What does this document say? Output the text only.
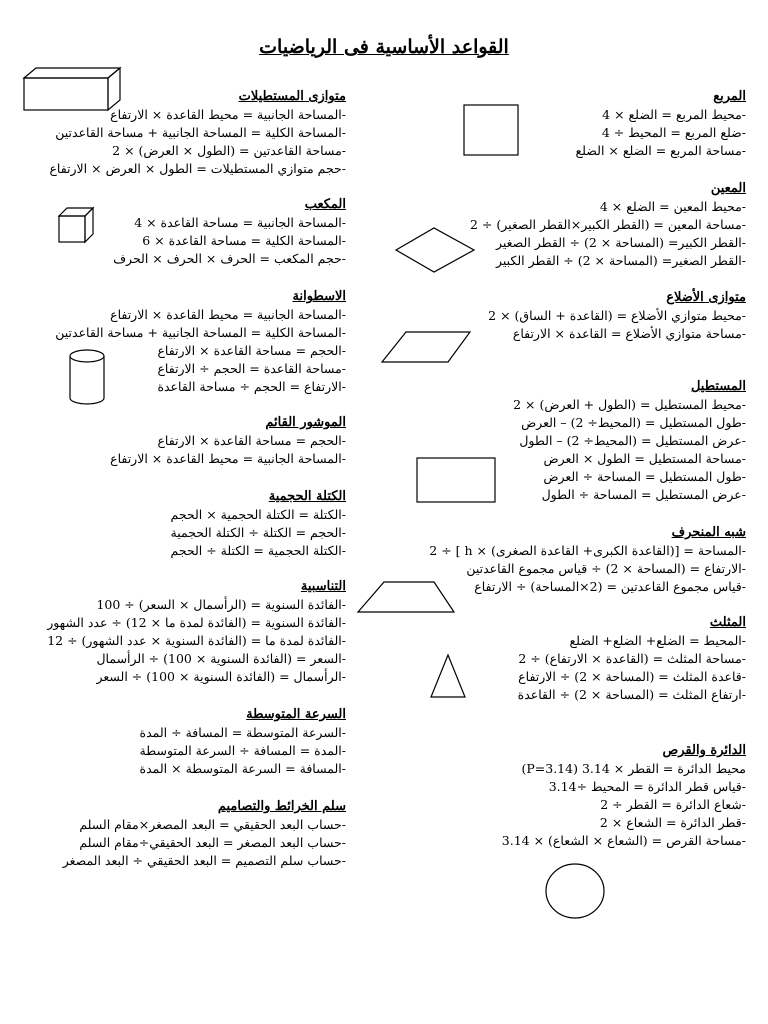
القواعد الأساسية فى الرياضيات
المربع
-محيط المربع = الضلع × 4
-ضلع المربع = المحيط ÷ 4
-مساحة المربع = الضلع × الضلع
المعين
-محيط المعين = الضلع × 4
-مساحة المعين = (القطر الكبير×القطر الصغير) ÷ 2
-القطر الكبير= (المساحة × 2) ÷ القطر الصغير
-القطر الصغير= (المساحة × 2) ÷ القطر الكبير
متوازى الأضلاع
-محيط متوازي الأضلاع = (القاعدة + الساق) × 2
-مساحة متوازي الأضلاع = القاعدة × الارتفاع
المستطيل
-محيط المستطيل = (الطول + العرض) × 2
-طول المستطيل = (المحيط÷ 2) – العرض
-عرض المستطيل = (المحيط÷ 2) – الطول
-مساحة المستطيل = الطول × العرض
-طول المستطيل = المساحة ÷ العرض
-عرض المستطيل = المساحة ÷ الطول
شبه المنحرف
-المساحة = [(القاعدة الكبرى+ القاعدة الصغرى) × h ] ÷ 2
-الارتفاع = (المساحة × 2) ÷ قياس مجموع القاعدتين
-قياس مجموع القاعدتين = (2×المساحة) ÷ الارتفاع
المثلث
-المحيط = الضلع+ الضلع+ الضلع
-مساحة المثلث = (القاعدة × الارتفاع) ÷ 2
-قاعدة المثلث = (المساحة × 2) ÷ الارتفاع
-ارتفاع المثلث = (المساحة × 2) ÷ القاعدة
الدائرة والقرص
محيط الدائرة = القطر × 3.14 (P=3.14)
-قياس قطر الدائرة = المحيط ÷3.14
-شعاع الدائرة = القطر ÷ 2
-قطر الدائرة = الشعاع × 2
-مساحة القرص = (الشعاع × الشعاع) × 3.14
متوازى المستطيلات
-المساحة الجانبية = محيط القاعدة × الارتفاع
-المساحة الكلية = المساحة الجانبية + مساحة القاعدتين
-مساحة القاعدتين = (الطول × العرض) × 2
-حجم متوازي المستطيلات = الطول × العرض × الارتفاع
المكعب
-المساحة الجانبية = مساحة القاعدة × 4
-المساحة الكلية = مساحة القاعدة × 6
-حجم المكعب = الحرف × الحرف × الحرف
الاسطوانة
-المساحة الجانبية = محيط القاعدة × الارتفاع
-المساحة الكلية = المساحة الجانبية + مساحة القاعدتين
-الحجم = مساحة القاعدة × الارتفاع
-مساحة القاعدة = الحجم ÷ الارتفاع
-الارتفاع = الحجم ÷ مساحة القاعدة
الموشور القائم
-الحجم = مساحة القاعدة × الارتفاع
-المساحة الجانبية = محيط القاعدة × الارتفاع
الكتلة الحجمية
-الكتلة = الكتلة الحجمية × الحجم
-الحجم = الكتلة ÷ الكتلة الحجمية
-الكتلة الحجمية = الكتلة ÷ الحجم
التناسبية
-الفائدة السنوية = (الرأسمال × السعر) ÷ 100
-الفائدة السنوية = (الفائدة لمدة ما × 12) ÷ عدد الشهور
-الفائدة لمدة ما = (الفائدة السنوية × عدد الشهور) ÷ 12
-السعر = (الفائدة السنوية × 100) ÷ الرأسمال
-الرأسمال = (الفائدة السنوية × 100) ÷ السعر
السرعة المتوسطة
-السرعة المتوسطة = المسافة ÷ المدة
-المدة = المسافة ÷ السرعة المتوسطة
-المسافة = السرعة المتوسطة × المدة
سلم الخرائط والتصاميم
-حساب البعد الحقيقي = البعد المصغر×مقام السلم
-حساب البعد المصغر = البعد الحقيقي÷مقام السلم
-حساب سلم التصميم = البعد الحقيقي ÷ البعد المصغر
